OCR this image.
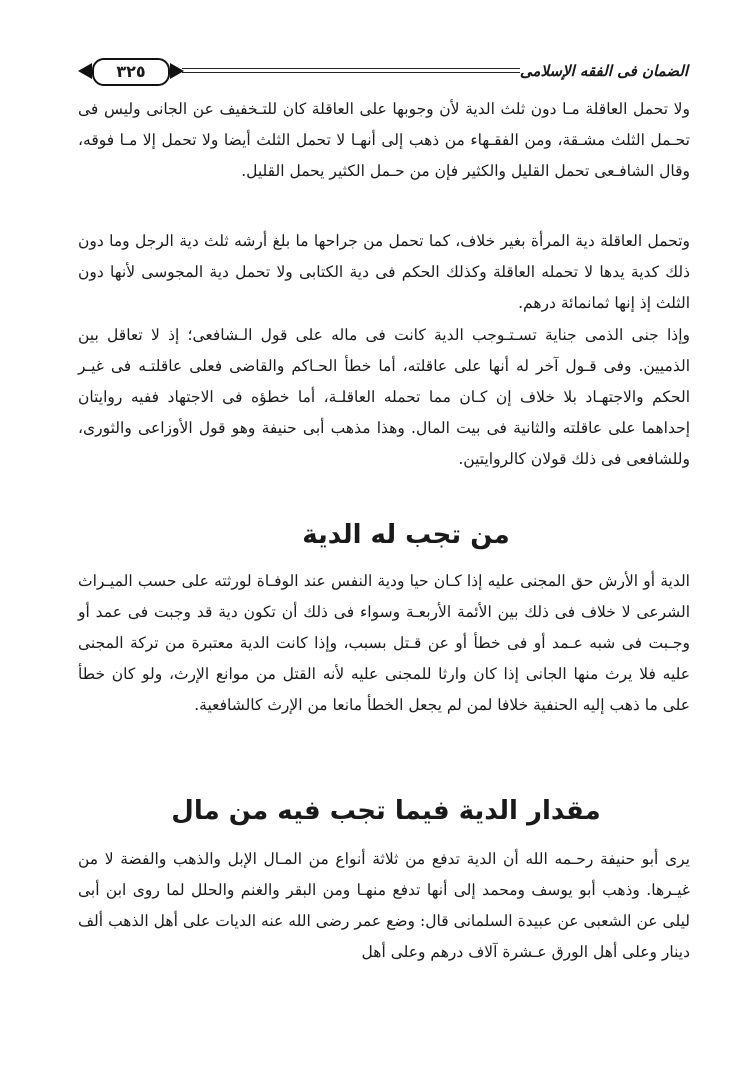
٣٢٥	الضمان فى الفقه الإسلامى

ولا تحمل العاقلة مـا دون ثلث الدية لأن وجوبها على العاقلة كان للتـخفيف عن الجانى وليس فى تحـمل الثلث مشـقة، ومن الفقـهاء من ذهب إلى أنهـا لا تحمل الثلث أيضا ولا تحمل إلا مـا فوقه، وقال الشافـعى تحمل القليل والكثير فإن من حـمل الكثير يحمل القليل.

وتحمل العاقلة دية المرأة بغير خلاف، كما تحمل من جراحها ما بلغ أرشه ثلث دية الرجل وما دون ذلك كدية يدها لا تحمله العاقلة وكذلك الحكم فى دية الكتابى ولا تحمل دية المجوسى لأنها دون الثلث إذ إنها ثمانمائة درهم.

وإذا جنى الذمى جناية تسـتـوجب الدية كانت فى ماله على قول الـشافعى؛ إذ لا تعاقل بين الذميين. وفى قـول آخر له أنها على عاقلته، أما خطأ الحـاكم والقاضى فعلى عاقلتـه فى غيـر الحكم والاجتهـاد بلا خلاف إن كـان مما تحمله العاقلـة، أما خطؤه فى الاجتهاد ففيه روايتان إحداهما على عاقلته والثانية فى بيت المال. وهذا مذهب أبى حنيفة وهو قول الأوزاعى والثورى، وللشافعى فى ذلك قولان كالروايتين.

من تجب له الدية

الدية أو الأرش حق المجنى عليه إذا كـان حيا ودية النفس عند الوفـاة لورثته على حسب الميـراث الشرعى لا خلاف فى ذلك بين الأئمة الأربعـة وسواء فى ذلك أن تكون دية قد وجبت فى عمد أو وجـبت فى شبه عـمد أو فى خطأ أو عن قـتل بسبب، وإذا كانت الدية معتبرة من تركة المجنى عليه فلا يرث منها الجانى إذا كان وارثا للمجنى عليه لأنه القتل من موانع الإرث، ولو كان خطأ على ما ذهب إليه الحنفية خلافا لمن لم يجعل الخطأ مانعا من الإرث كالشافعية.

مقدار الدية فيما تجب فيه من مال

يرى أبو حنيفة رحـمه الله أن الدية تدفع من ثلاثة أنواع من المـال الإبل والذهب والفضة لا من غيـرها. وذهب أبو يوسف ومحمد إلى أنها تدفع منهـا ومن البقر والغنم والحلل لما روى ابن أبى ليلى عن الشعبى عن عبيدة السلمانى قال: وضع عمر رضى الله عنه الديات على أهل الذهب ألف دينار وعلى أهل الورق عـشرة آلاف درهم وعلى أهل
